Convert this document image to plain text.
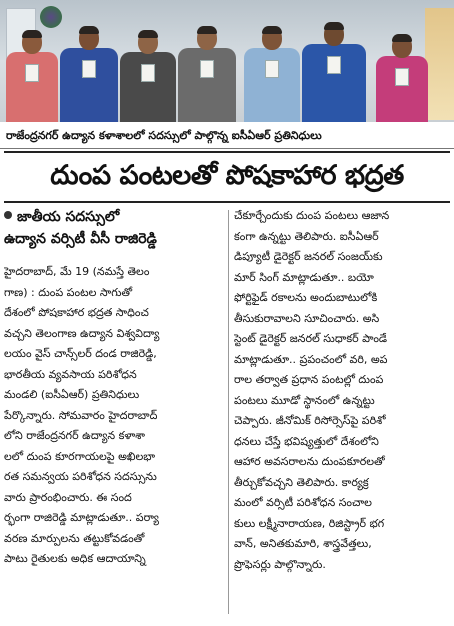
రాజేంద్రనగర్ ఉద్యాన కళాశాలలో సదస్సులో పాల్గొన్న ఐసీఏఆర్ ప్రతినిధులు
దుంప పంటలతో పోషకాహార భద్రత
జాతీయ సదస్సులో
ఉద్యాన వర్సిటీ వీసీ రాజిరెడ్డి
హైదరాబాద్, మే 19 (నమస్తే తెలం
గాణ) : దుంప పంటల సాగుతో
దేశంలో పోషకాహార భద్రత సాధించ
వచ్చని తెలంగాణ ఉద్యాన విశ్వవిద్యా
లయం వైస్ చాన్స్‌లర్ దండ రాజిరెడ్డి,
భారతీయ వ్యవసాయ పరిశోధన
మండలి (ఐసీఏఆర్) ప్రతినిధులు
పేర్కొన్నారు. సోమవారం హైదరాబాద్
లోని రాజేంద్రనగర్ ఉద్యాన కళాశా
లలో దుంప కూరగాయలపై అఖిలభా
రత సమన్వయ పరిశోధన సదస్సును
వారు ప్రారంభించారు. ఈ సంద
ర్భంగా రాజిరెడ్డి మాట్లాడుతూ.. పర్యా
వరణ మార్పులను తట్టుకోవడంతో
పాటు రైతులకు అధిక ఆదాయాన్ని
చేకూర్చేందుకు దుంప పంటలు ఆజాన
కంగా ఉన్నట్టు తెలిపారు. ఐసీఏఆర్
డిప్యూటీ డైరెక్టర్ జనరల్ సంజయ్‌కు
మార్ సింగ్ మాట్లాడుతూ.. బయో
ఫోర్టిఫైడ్ రకాలను అందుబాటులోకి
తీసుకురావాలని సూచించారు. అసి
స్టెంట్ డైరెక్టర్ జనరల్ సుధాకర్ పాండే
మాట్లాడుతూ.. ప్రపంచంలో వరి, అప
రాల తర్వాత ప్రధాన పంటల్లో దుంప
పంటలు మూడో స్థానంలో ఉన్నట్టు
చెప్పారు. జీనోమిక్ రిసోర్సెస్‌పై పరిశో
ధనలు చేస్తే భవిష్యత్తులో దేశంలోని
ఆహార అవసరాలను దుంపకూరలతో
తీర్చుకోవచ్చని తెలిపారు. కార్యక్ర
మంలో వర్సిటీ పరిశోధన సంచాల
కులు లక్ష్మీనారాయణ, రిజిస్ట్రార్ భగ
వాన్, అనితకుమారి, శాస్త్రవేత్తలు,
ప్రొఫెసర్లు పాల్గొన్నారు.
